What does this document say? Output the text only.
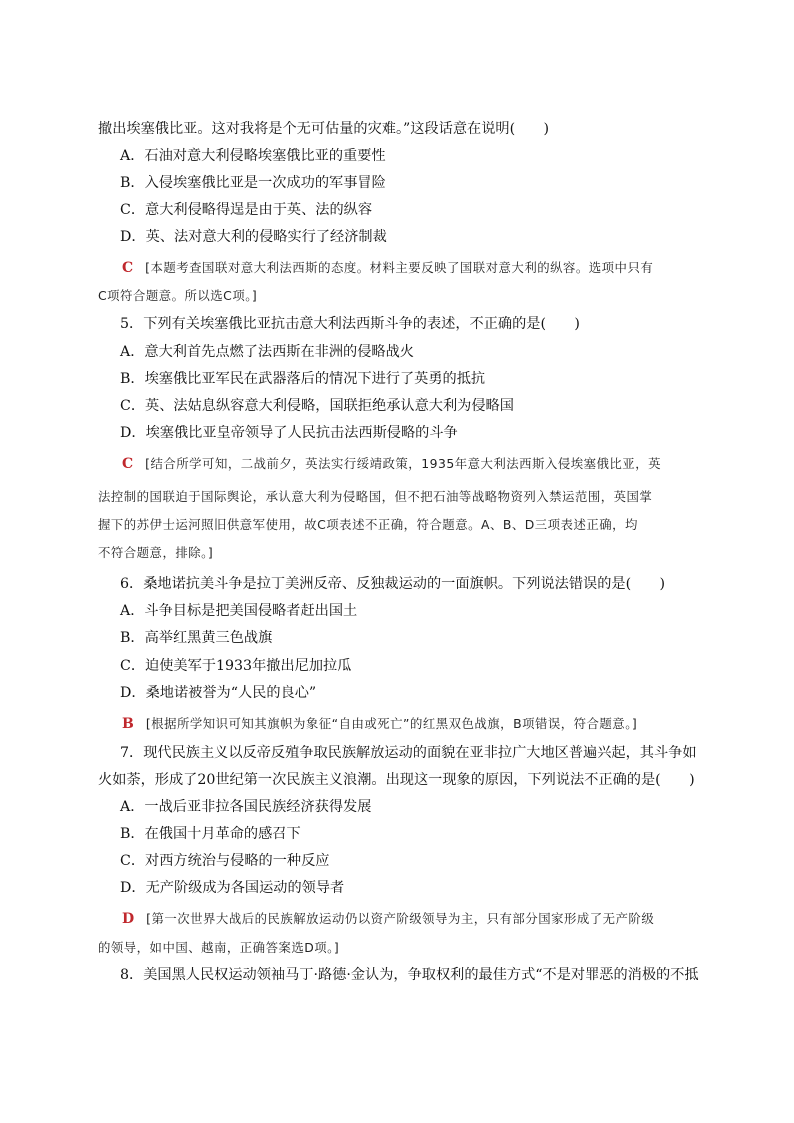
撤出埃塞俄比亚。这对我将是个无可估量的灾难。”这段话意在说明(　　)
A．石油对意大利侵略埃塞俄比亚的重要性
B．入侵埃塞俄比亚是一次成功的军事冒险
C．意大利侵略得逞是由于英、法的纵容
D．英、法对意大利的侵略实行了经济制裁
C [本题考查国联对意大利法西斯的态度。材料主要反映了国联对意大利的纵容。选项中只有
C项符合题意。所以选C项。]
5．下列有关埃塞俄比亚抗击意大利法西斯斗争的表述，不正确的是(　　)
A．意大利首先点燃了法西斯在非洲的侵略战火
B．埃塞俄比亚军民在武器落后的情况下进行了英勇的抵抗
C．英、法姑息纵容意大利侵略，国联拒绝承认意大利为侵略国
D．埃塞俄比亚皇帝领导了人民抗击法西斯侵略的斗争
C [结合所学可知，二战前夕，英法实行绥靖政策，1935年意大利法西斯入侵埃塞俄比亚，英
法控制的国联迫于国际舆论，承认意大利为侵略国，但不把石油等战略物资列入禁运范围，英国掌
握下的苏伊士运河照旧供意军使用，故C项表述不正确，符合题意。A、B、D三项表述正确，均
不符合题意，排除。]
6．桑地诺抗美斗争是拉丁美洲反帝、反独裁运动的一面旗帜。下列说法错误的是(　　)
A．斗争目标是把美国侵略者赶出国土
B．高举红黑黄三色战旗
C．迫使美军于1933年撤出尼加拉瓜
D．桑地诺被誉为“人民的良心”
B [根据所学知识可知其旗帜为象征“自由或死亡”的红黑双色战旗，B项错误，符合题意。]
7．现代民族主义以反帝反殖争取民族解放运动的面貌在亚非拉广大地区普遍兴起，其斗争如
火如荼，形成了20世纪第一次民族主义浪潮。出现这一现象的原因，下列说法不正确的是(　　)
A．一战后亚非拉各国民族经济获得发展
B．在俄国十月革命的感召下
C．对西方统治与侵略的一种反应
D．无产阶级成为各国运动的领导者
D [第一次世界大战后的民族解放运动仍以资产阶级领导为主，只有部分国家形成了无产阶级
的领导，如中国、越南，正确答案选D项。]
8．美国黑人民权运动领袖马丁·路德·金认为，争取权利的最佳方式“不是对罪恶的消极的不抵
